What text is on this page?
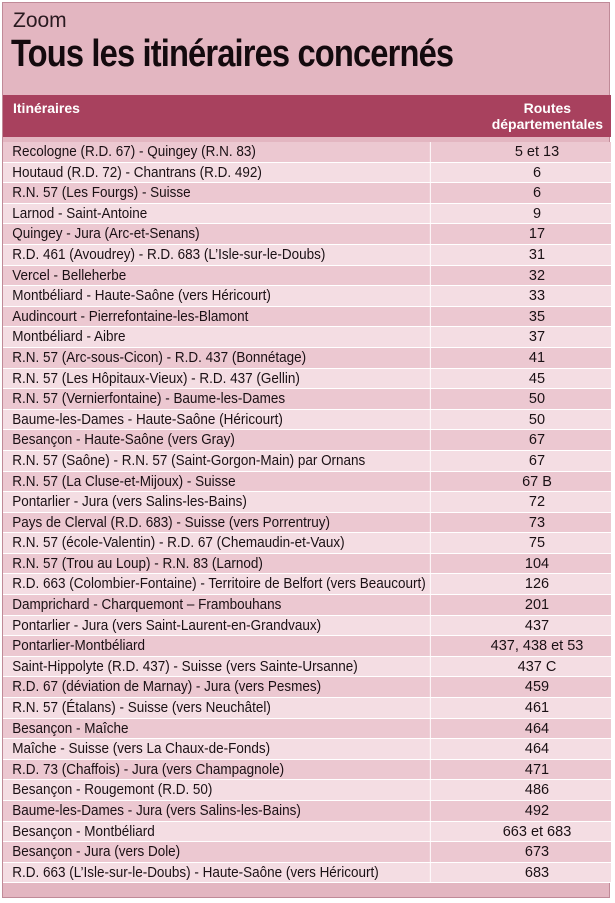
Zoom
Tous les itinéraires concernés
Itinéraires	Routes
départementales
Recologne (R.D. 67) - Quingey (R.N. 83)	5 et 13
Houtaud (R.D. 72) - Chantrans (R.D. 492)	6
R.N. 57 (Les Fourgs) - Suisse	6
Larnod - Saint-Antoine	9
Quingey - Jura (Arc-et-Senans)	17
R.D. 461 (Avoudrey) - R.D. 683 (L’Isle-sur-le-Doubs)	31
Vercel - Belleherbe	32
Montbéliard - Haute-Saône (vers Héricourt)	33
Audincourt - Pierrefontaine-les-Blamont	35
Montbéliard - Aibre	37
R.N. 57 (Arc-sous-Cicon) - R.D. 437 (Bonnétage)	41
R.N. 57 (Les Hôpitaux-Vieux) - R.D. 437 (Gellin)	45
R.N. 57 (Vernierfontaine) - Baume-les-Dames	50
Baume-les-Dames - Haute-Saône (Héricourt)	50
Besançon - Haute-Saône (vers Gray)	67
R.N. 57 (Saône) - R.N. 57 (Saint-Gorgon-Main) par Ornans	67
R.N. 57 (La Cluse-et-Mijoux) - Suisse	67 B
Pontarlier - Jura (vers Salins-les-Bains)	72
Pays de Clerval (R.D. 683) - Suisse (vers Porrentruy)	73
R.N. 57 (école-Valentin) - R.D. 67 (Chemaudin-et-Vaux)	75
R.N. 57 (Trou au Loup) - R.N. 83 (Larnod)	104
R.D. 663 (Colombier-Fontaine) - Territoire de Belfort (vers Beaucourt)	126
Damprichard - Charquemont – Frambouhans	201
Pontarlier - Jura (vers Saint-Laurent-en-Grandvaux)	437
Pontarlier-Montbéliard	437, 438 et 53
Saint-Hippolyte (R.D. 437) - Suisse (vers Sainte-Ursanne)	437 C
R.D. 67 (déviation de Marnay) - Jura (vers Pesmes)	459
R.N. 57 (Étalans) - Suisse (vers Neuchâtel)	461
Besançon - Maîche	464
Maîche - Suisse (vers La Chaux-de-Fonds)	464
R.D. 73 (Chaffois) - Jura (vers Champagnole)	471
Besançon - Rougemont (R.D. 50)	486
Baume-les-Dames - Jura (vers Salins-les-Bains)	492
Besançon - Montbéliard	663 et 683
Besançon - Jura (vers Dole)	673
R.D. 663 (L’Isle-sur-le-Doubs) - Haute-Saône (vers Héricourt)	683
